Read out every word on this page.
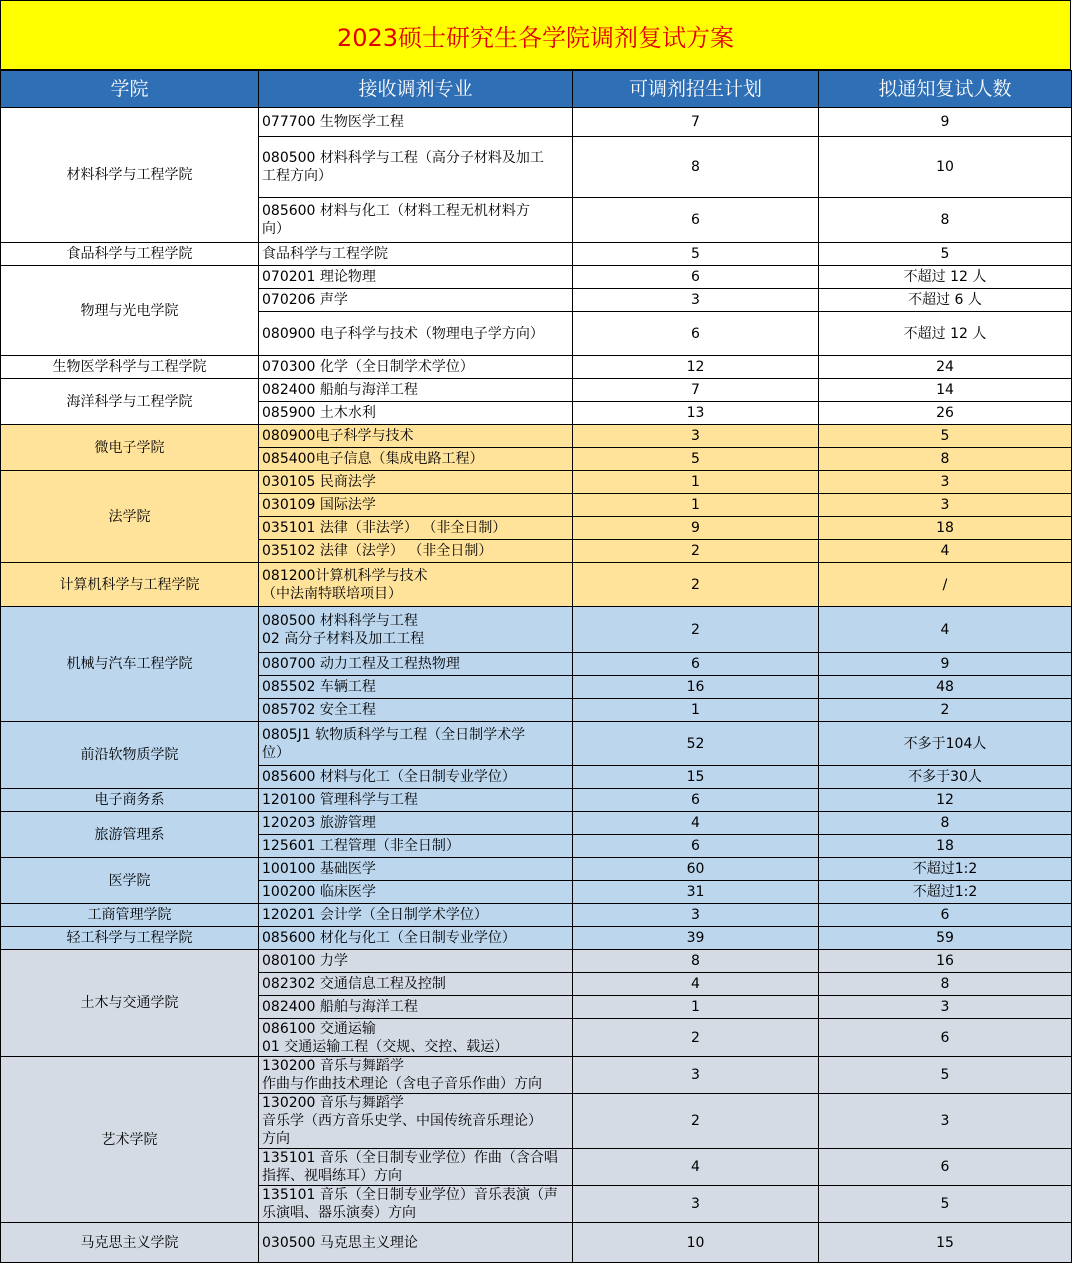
2023硕士研究生各学院调剂复试方案
学院	接收调剂专业	可调剂招生计划	拟通知复试人数
材料科学与工程学院	077700 生物医学工程	7	9
	080500 材料科学与工程（高分子材料及加工
工程方向）	8	10
	085600 材料与化工（材料工程无机材料方
向）	6	8
食品科学与工程学院	食品科学与工程学院	5	5
物理与光电学院	070201 理论物理	6	不超过 12 人
	070206 声学	3	不超过 6 人
	080900 电子科学与技术（物理电子学方向）	6	不超过 12 人
生物医学科学与工程学院	070300 化学（全日制学术学位）	12	24
海洋科学与工程学院	082400 船舶与海洋工程	7	14
	085900 土木水利	13	26
微电子学院	080900电子科学与技术	3	5
	085400电子信息（集成电路工程）	5	8
法学院	030105 民商法学	1	3
	030109 国际法学	1	3
	035101 法律（非法学） （非全日制）	9	18
	035102 法律（法学） （非全日制）	2	4
计算机科学与工程学院	081200计算机科学与技术
（中法南特联培项目）	2	/
机械与汽车工程学院	080500 材料科学与工程
02 高分子材料及加工工程	2	4
	080700 动力工程及工程热物理	6	9
	085502 车辆工程	16	48
	085702 安全工程	1	2
前沿软物质学院	0805J1 软物质科学与工程（全日制学术学
位）	52	不多于104人
	085600 材料与化工（全日制专业学位）	15	不多于30人
电子商务系	120100 管理科学与工程	6	12
旅游管理系	120203 旅游管理	4	8
	125601 工程管理（非全日制）	6	18
医学院	100100 基础医学	60	不超过1:2
	100200 临床医学	31	不超过1:2
工商管理学院	120201 会计学（全日制学术学位）	3	6
轻工科学与工程学院	085600 材化与化工（全日制专业学位）	39	59
土木与交通学院	080100 力学	8	16
	082302 交通信息工程及控制	4	8
	082400 船舶与海洋工程	1	3
	086100 交通运输
01 交通运输工程（交规、交控、载运）	2	6
艺术学院	130200 音乐与舞蹈学
作曲与作曲技术理论（含电子音乐作曲）方向	3	5
	130200 音乐与舞蹈学
音乐学（西方音乐史学、中国传统音乐理论）
方向	2	3
	135101 音乐（全日制专业学位）作曲（含合唱
指挥、视唱练耳）方向	4	6
	135101 音乐（全日制专业学位）音乐表演（声
乐演唱、器乐演奏）方向	3	5
马克思主义学院	030500 马克思主义理论	10	15
